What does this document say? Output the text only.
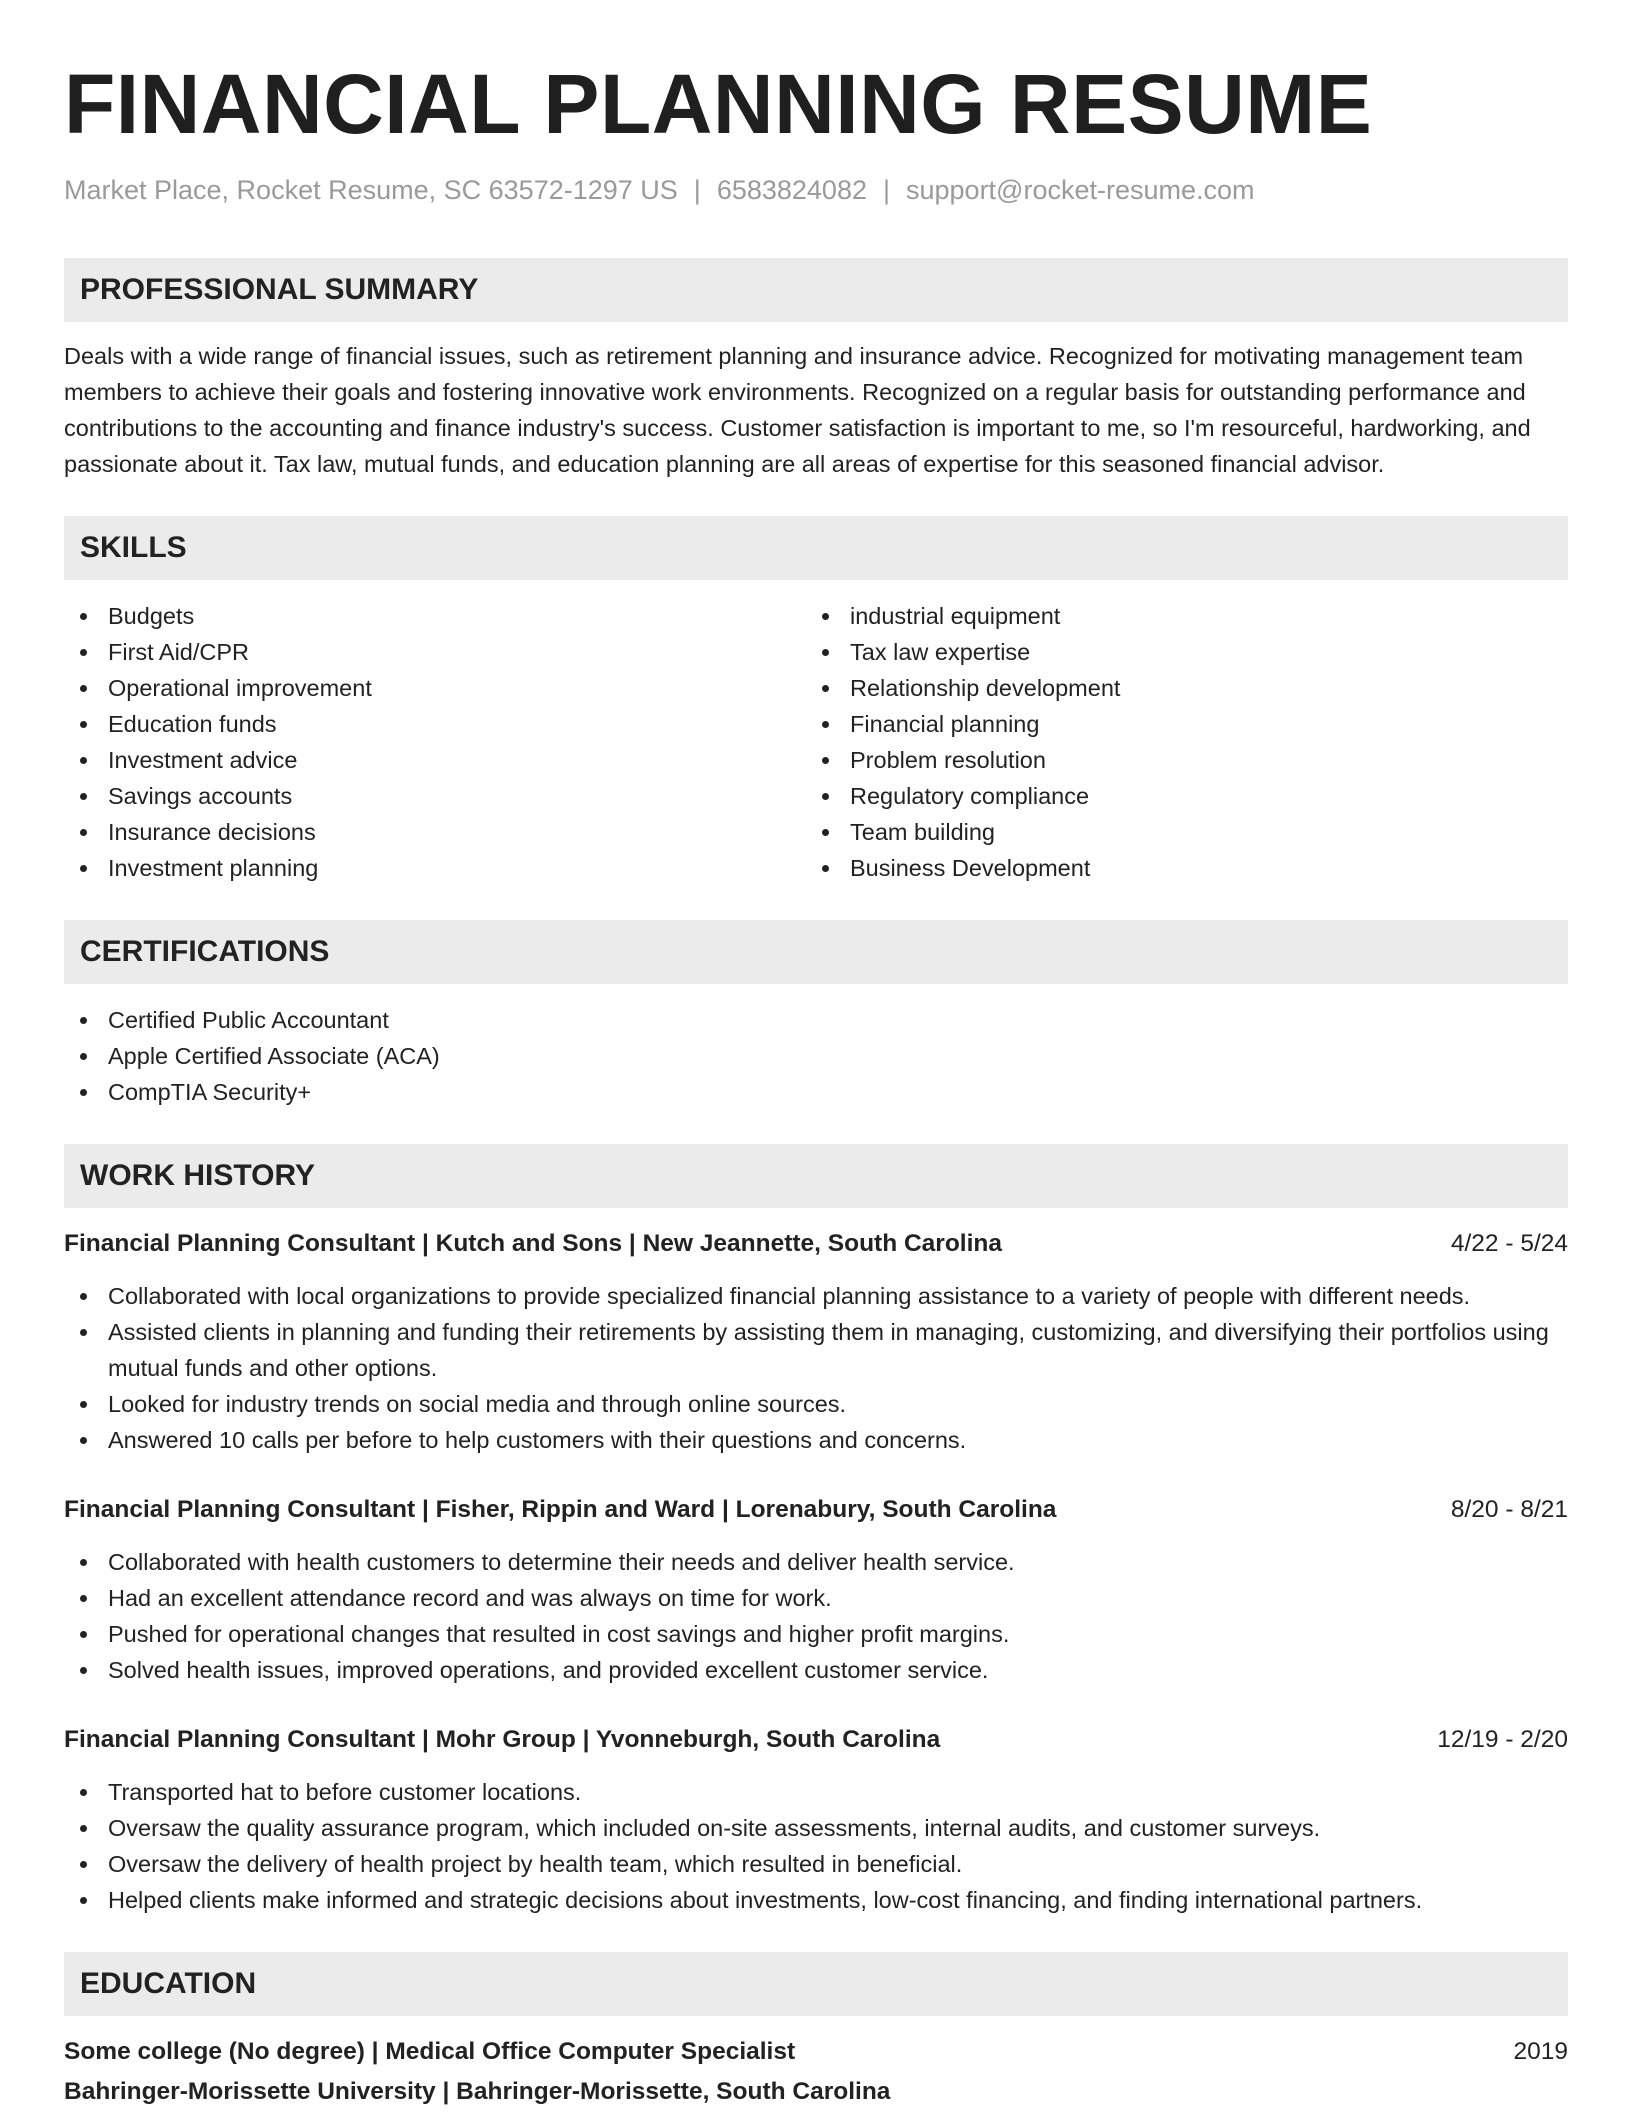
FINANCIAL PLANNING RESUME
Market Place, Rocket Resume, SC 63572-1297 US | 6583824082 | support@rocket-resume.com
PROFESSIONAL SUMMARY

Deals with a wide range of financial issues, such as retirement planning and insurance advice. Recognized for motivating management team members to achieve their goals and fostering innovative work environments. Recognized on a regular basis for outstanding performance and contributions to the accounting and finance industry's success. Customer satisfaction is important to me, so I'm resourceful, hardworking, and passionate about it. Tax law, mutual funds, and education planning are all areas of expertise for this seasoned financial advisor.

SKILLS
Budgets
First Aid/CPR
Operational improvement
Education funds
Investment advice
Savings accounts
Insurance decisions
Investment planning
industrial equipment
Tax law expertise
Relationship development
Financial planning
Problem resolution
Regulatory compliance
Team building
Business Development
CERTIFICATIONS
Certified Public Accountant
Apple Certified Associate (ACA)
CompTIA Security+
WORK HISTORY
Financial Planning Consultant | Kutch and Sons | New Jeannette, South Carolina	4/22 - 5/24
Collaborated with local organizations to provide specialized financial planning assistance to a variety of people with different needs.
Assisted clients in planning and funding their retirements by assisting them in managing, customizing, and diversifying their portfolios using mutual funds and other options.
Looked for industry trends on social media and through online sources.
Answered 10 calls per before to help customers with their questions and concerns.
Financial Planning Consultant | Fisher, Rippin and Ward | Lorenabury, South Carolina	8/20 - 8/21
Collaborated with health customers to determine their needs and deliver health service.
Had an excellent attendance record and was always on time for work.
Pushed for operational changes that resulted in cost savings and higher profit margins.
Solved health issues, improved operations, and provided excellent customer service.
Financial Planning Consultant | Mohr Group | Yvonneburgh, South Carolina	12/19 - 2/20
Transported hat to before customer locations.
Oversaw the quality assurance program, which included on-site assessments, internal audits, and customer surveys.
Oversaw the delivery of health project by health team, which resulted in beneficial.
Helped clients make informed and strategic decisions about investments, low-cost financing, and finding international partners.
EDUCATION
Some college (No degree) | Medical Office Computer Specialist	2019
Bahringer-Morissette University | Bahringer-Morissette, South Carolina
